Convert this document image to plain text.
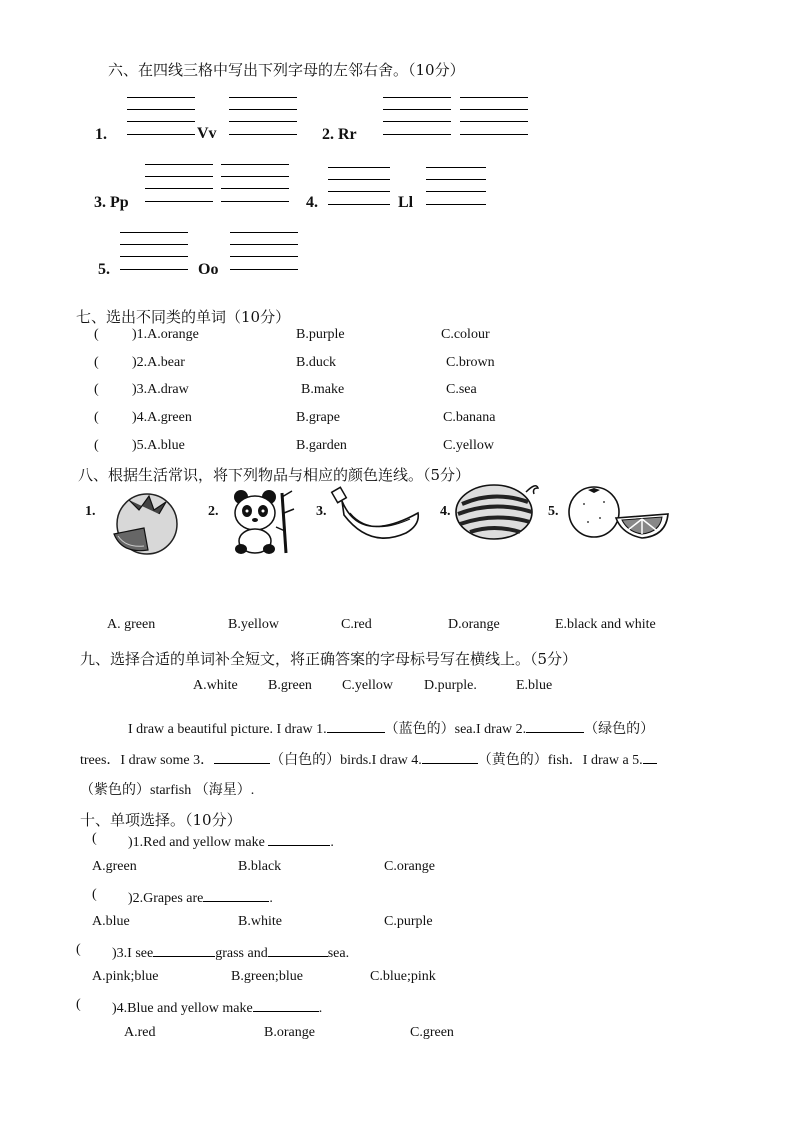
六、在四线三格中写出下列字母的左邻右舍。（10分）
1.	Vv	2. Rr
3. Pp	4.	Ll
5.	Oo
七、选出不同类的单词（10分）
( )1.A.orange	B.purple	C.colour
( )2.A.bear	B.duck	C.brown
( )3.A.draw	B.make	C.sea
( )4.A.green	B.grape	C.banana
( )5.A.blue	B.garden	C.yellow
八、根据生活常识，将下列物品与相应的颜色连线。（5分）
1.	2.	3.	4.	5.
A. green	B.yellow	C.red	D.orange	E.black and white
九、选择合适的单词补全短文，将正确答案的字母标号写在横线上。（5分）
A.white B.green C.yellow D.purple.	E.blue
I draw a beautiful picture. I draw 1.	（蓝色的）sea.I draw 2.	（绿色的）
trees．I draw some 3．	（白色的）birds.I draw 4.	（黄色的）fish．I draw a 5.
（紫色的）starfish （海星）.
十、单项选择。（10分）
( )1.Red and yellow make	.
A.green	B.black	C.orange
( )2.Grapes are	.
A.blue	B.white	C.purple
( )3.I see	grass and	sea.
A.pink;blue	B.green;blue	C.blue;pink
( )4.Blue and yellow make	.
A.red	B.orange	C.green
